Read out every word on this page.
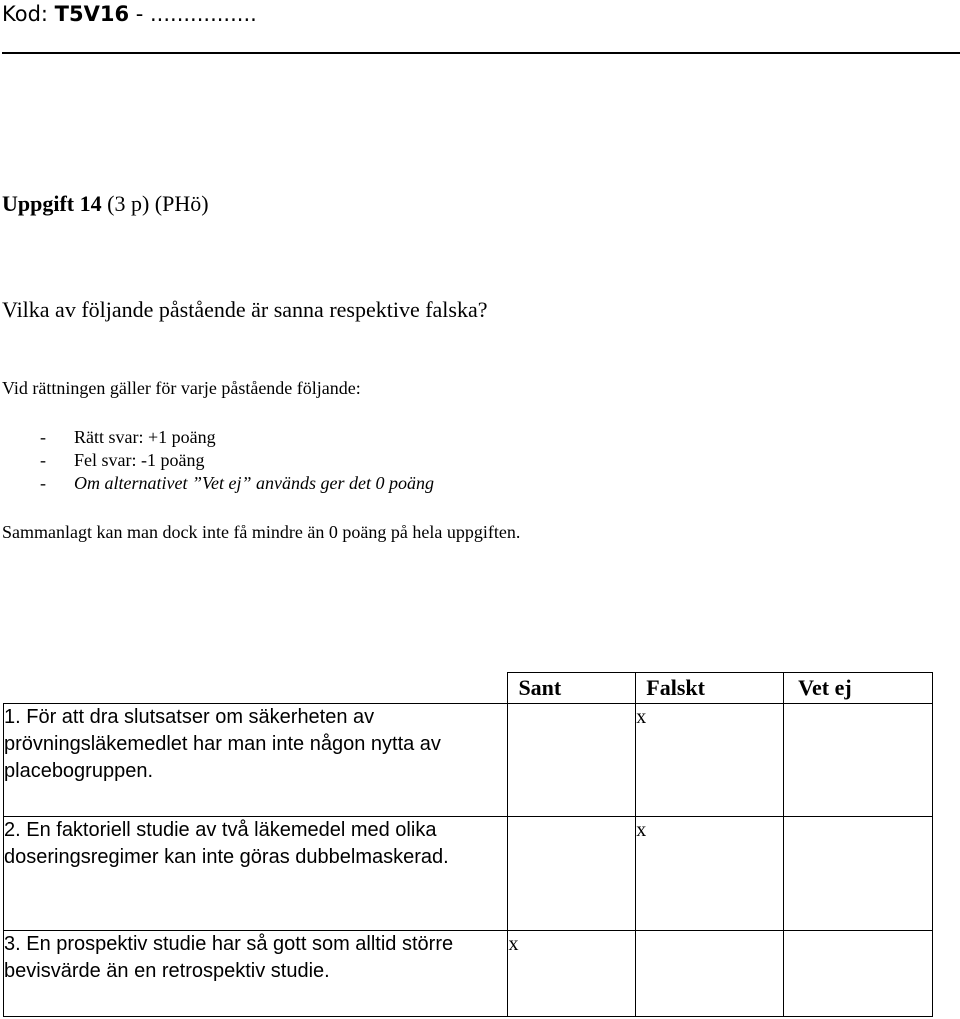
Kod: T5V16 - ................
Uppgift 14 (3 p) (PHö)
Vilka av följande påstående är sanna respektive falska?
Vid rättningen gäller för varje påstående följande:
- Rätt svar: +1 poäng
- Fel svar: -1 poäng
- Om alternativet ”Vet ej” används ger det 0 poäng
Sammanlagt kan man dock inte få mindre än 0 poäng på hela uppgiften.
	Sant	Falskt	Vet ej
1. För att dra slutsatser om säkerheten av prövningsläkemedlet har man inte någon nytta av placebogruppen.		x	
2. En faktoriell studie av två läkemedel med olika doseringsregimer kan inte göras dubbelmaskerad.		x	
3. En prospektiv studie har så gott som alltid större bevisvärde än en retrospektiv studie.	x		
